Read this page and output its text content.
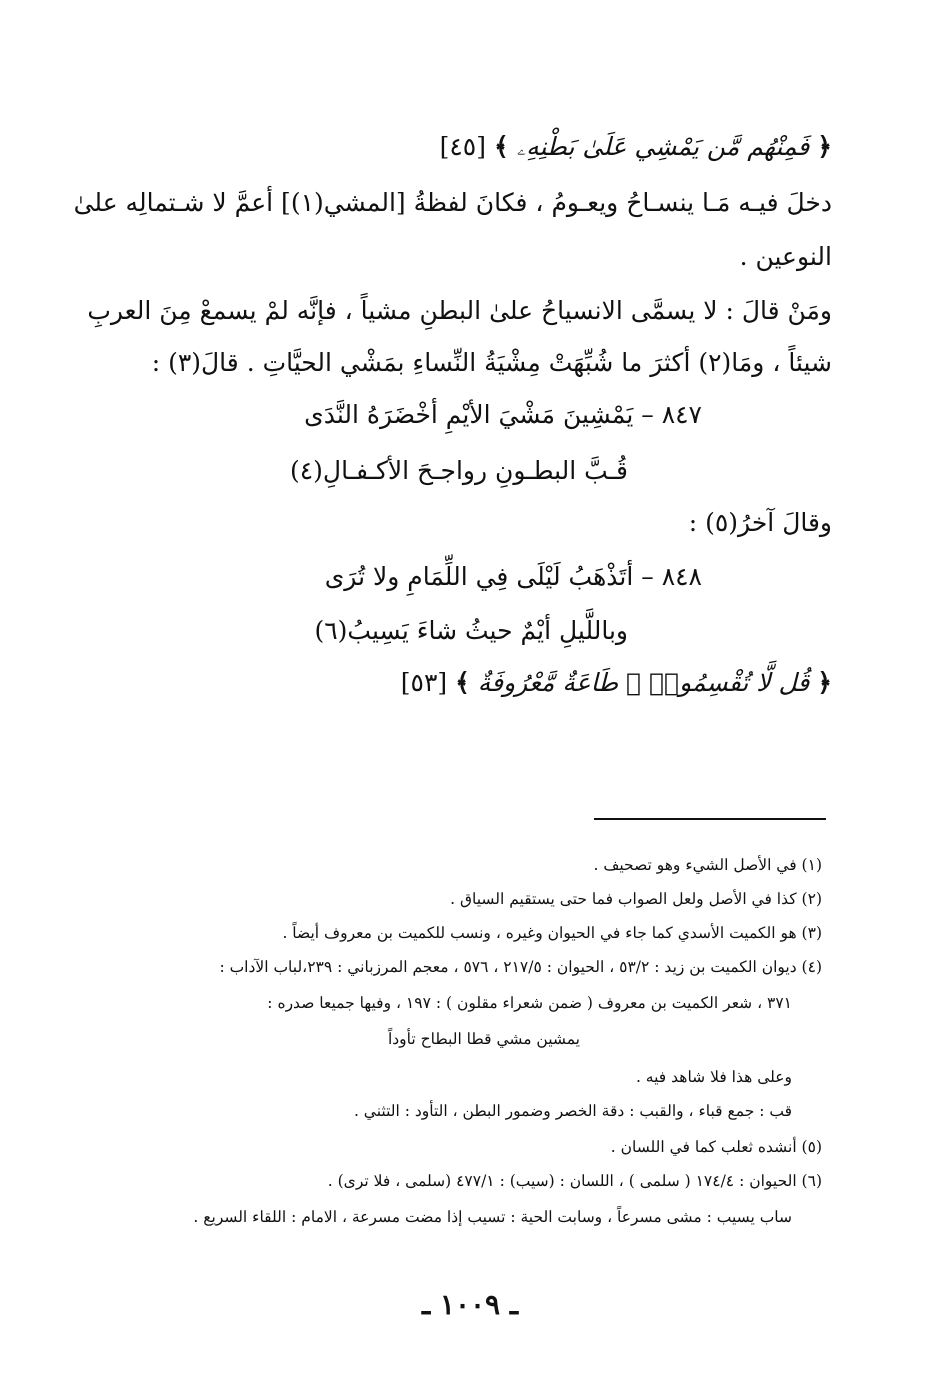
﴿ فَمِنْهُم مَّن يَمْشِي عَلَىٰ بَطْنِهِۦ ﴾ [٤٥]
دخلَ فيـه مَـا ينسـاحُ ويعـومُ ، فكانَ لفظةُ [المشي(١)] أعمَّ لا شـتمالِه علىٰ
النوعين .
ومَنْ قالَ : لا يسمَّى الانسياحُ علىٰ البطنِ مشياً ، فإنَّه لمْ يسمعْ مِنَ العربِ
شيئاً ، ومَا(٢) أكثرَ ما شُبِّهَتْ مِشْيَةُ النِّساءِ بمَشْي الحيَّاتِ . قالَ(٣) :
٨٤٧ – يَمْشِينَ مَشْيَ الأيْمِ أخْضَرَهُ النَّدَى
قُـبَّ البطـونِ رواجـحَ الأكـفـالِ(٤)
وقالَ آخرُ(٥) :
٨٤٨ – أتَذْهَبُ لَيْلَى فِي اللِّمَامِ ولا تُرَى
وباللَّيلِ أيْمٌ حيثُ شاءَ يَسِيبُ(٦)
﴿ قُل لَّا تُقْسِمُوا۟ ۖ طَاعَةٌ مَّعْرُوفَةٌ ﴾ [٥٣]
(١) في الأصل الشيء وهو تصحيف .
(٢) كذا في الأصل ولعل الصواب فما حتى يستقيم السياق .
(٣) هو الكميت الأسدي كما جاء في الحيوان وغيره ، ونسب للكميت بن معروف أيضاً .
(٤) ديوان الكميت بن زيد : ٥٣/٢ ، الحيوان : ٢١٧/٥ ، ٥٧٦ ، معجم المرزباني : ٢٣٩،لباب الآداب :
٣٧١ ، شعر الكميت بن معروف ( ضمن شعراء مقلون ) : ١٩٧ ، وفيها جميعا صدره :
يمشين مشي قطا البطاح تأوداً
وعلى هذا فلا شاهد فيه .
قب : جمع قباء ، والقبب : دقة الخصر وضمور البطن ، التأود : التثني .
(٥) أنشده ثعلب كما في اللسان .
(٦) الحيوان : ١٧٤/٤ ( سلمى ) ، اللسان : (سيب) : ٤٧٧/١ (سلمى ، فلا ترى) .
ساب يسيب : مشى مسرعاً ، وسابت الحية : تسيب إذا مضت مسرعة ، الامام : اللقاء السريع .
ـ ١٠٠٩ ـ
